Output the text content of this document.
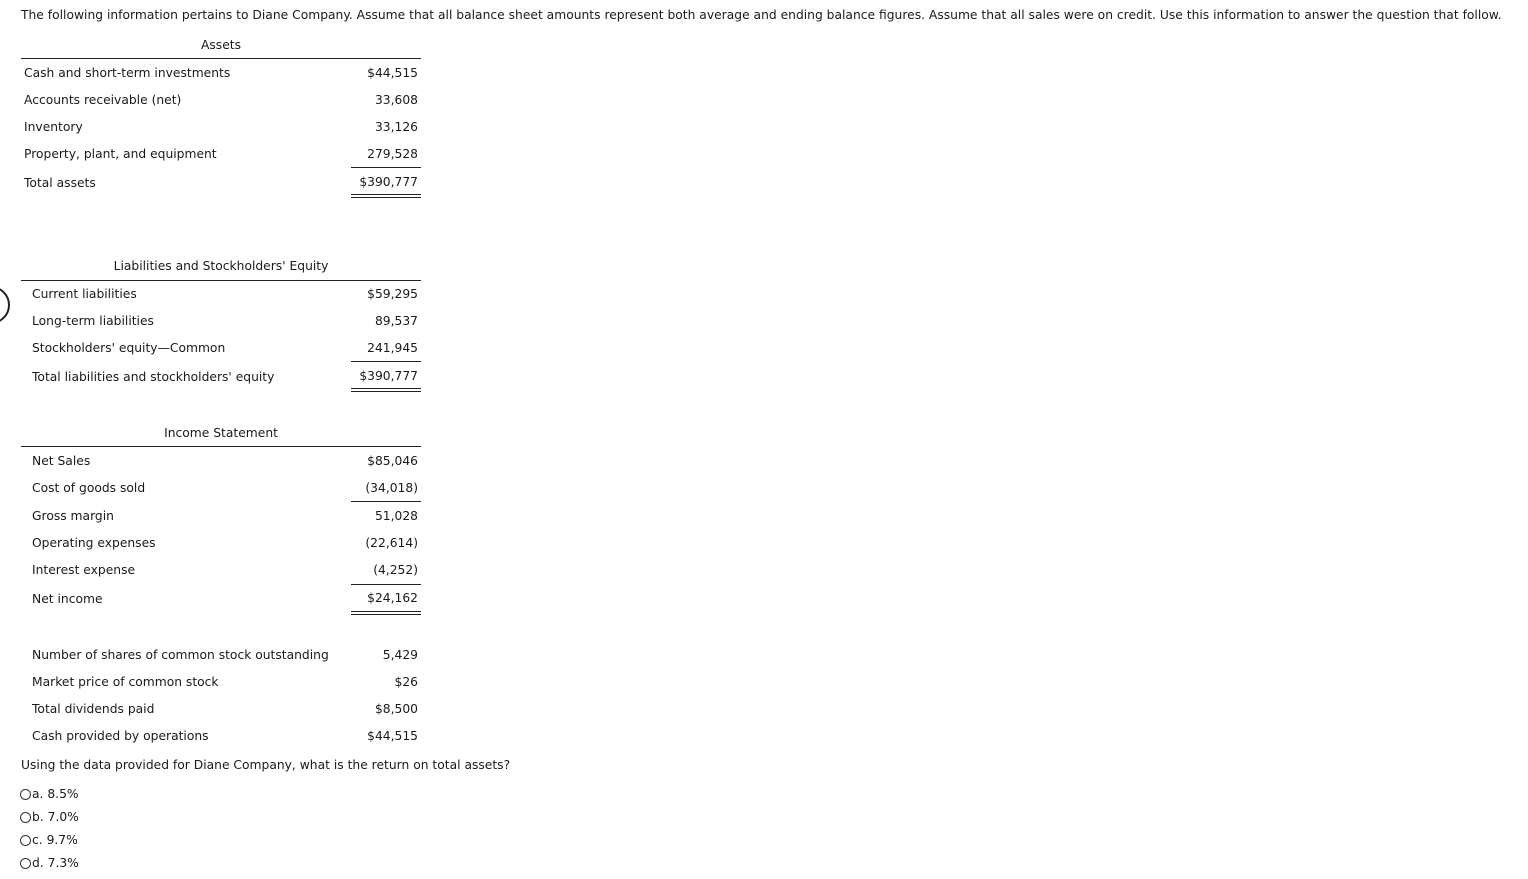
The following information pertains to Diane Company. Assume that all balance sheet amounts represent both average and ending balance figures. Assume that all sales were on credit. Use this information to answer the question that follow.
Assets
Cash and short-term investments	$44,515
Accounts receivable (net)	33,608
Inventory	33,126
Property, plant, and equipment	279,528
Total assets	$390,777
Liabilities and Stockholders' Equity
Current liabilities	$59,295
Long-term liabilities	89,537
Stockholders' equity—Common	241,945
Total liabilities and stockholders' equity	$390,777
Income Statement
Net Sales	$85,046
Cost of goods sold	(34,018)
Gross margin	51,028
Operating expenses	(22,614)
Interest expense	(4,252)
Net income	$24,162
Number of shares of common stock outstanding	5,429
Market price of common stock	$26
Total dividends paid	$8,500
Cash provided by operations	$44,515
Using the data provided for Diane Company, what is the return on total assets?
a. 8.5%
b. 7.0%
c. 9.7%
d. 7.3%
